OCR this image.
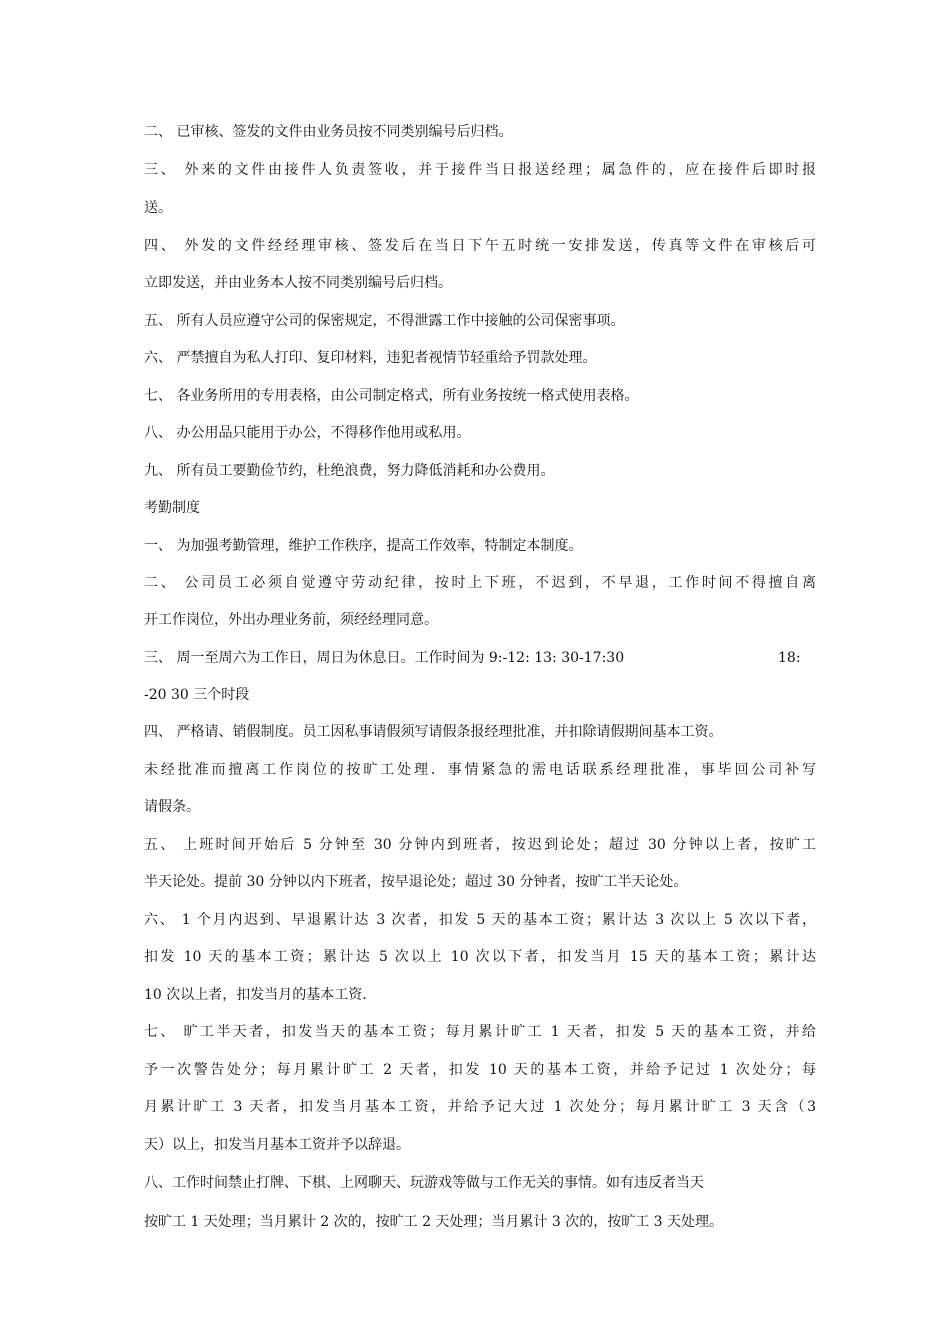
二、 已审核、签发的文件由业务员按不同类别编号后归档。
三、 外来的文件由接件人负责签收，并于接件当日报送经理；属急件的，应在接件后即时报
送。
四、 外发的文件经经理审核、签发后在当日下午五时统一安排发送，传真等文件在审核后可
立即发送，并由业务本人按不同类别编号后归档。
五、 所有人员应遵守公司的保密规定，不得泄露工作中接触的公司保密事项。
六、 严禁擅自为私人打印、复印材料，违犯者视情节轻重给予罚款处理。
七、 各业务所用的专用表格，由公司制定格式，所有业务按统一格式使用表格。
八、 办公用品只能用于办公，不得移作他用或私用。
九、 所有员工要勤俭节约，杜绝浪费，努力降低消耗和办公费用。
考勤制度
一、 为加强考勤管理，维护工作秩序，提高工作效率，特制定本制度。
二、 公司员工必须自觉遵守劳动纪律，按时上下班，不迟到，不早退，工作时间不得擅自离
开工作岗位，外出办理业务前，须经经理同意。
三、 周一至周六为工作日，周日为休息日。工作时间为 9:-12: 13: 30-17:30	18:
-20 30 三个时段
四、 严格请、销假制度。员工因私事请假须写请假条报经理批准，并扣除请假期间基本工资。
未经批准而擅离工作岗位的按旷工处理．事情紧急的需电话联系经理批准，事毕回公司补写
请假条。
五、 上班时间开始后 5 分钟至 30 分钟内到班者，按迟到论处；超过 30 分钟以上者，按旷工
半天论处。提前 30 分钟以内下班者，按早退论处；超过 30 分钟者，按旷工半天论处。
六、 1 个月内迟到、早退累计达 3 次者，扣发 5 天的基本工资；累计达 3 次以上 5 次以下者，
扣发 10 天的基本工资；累计达 5 次以上 10 次以下者，扣发当月 15 天的基本工资；累计达
10 次以上者，扣发当月的基本工资.
七、 旷工半天者，扣发当天的基本工资；每月累计旷工 1 天者，扣发 5 天的基本工资，并给
予一次警告处分；每月累计旷工 2 天者，扣发 10 天的基本工资，并给予记过 1 次处分；每
月累计旷工 3 天者，扣发当月基本工资，并给予记大过 1 次处分；每月累计旷工 3 天含（3
天）以上，扣发当月基本工资并予以辞退。
八、工作时间禁止打牌、下棋、上网聊天、玩游戏等做与工作无关的事情。如有违反者当天
按旷工 1 天处理；当月累计 2 次的，按旷工 2 天处理；当月累计 3 次的，按旷工 3 天处理。
